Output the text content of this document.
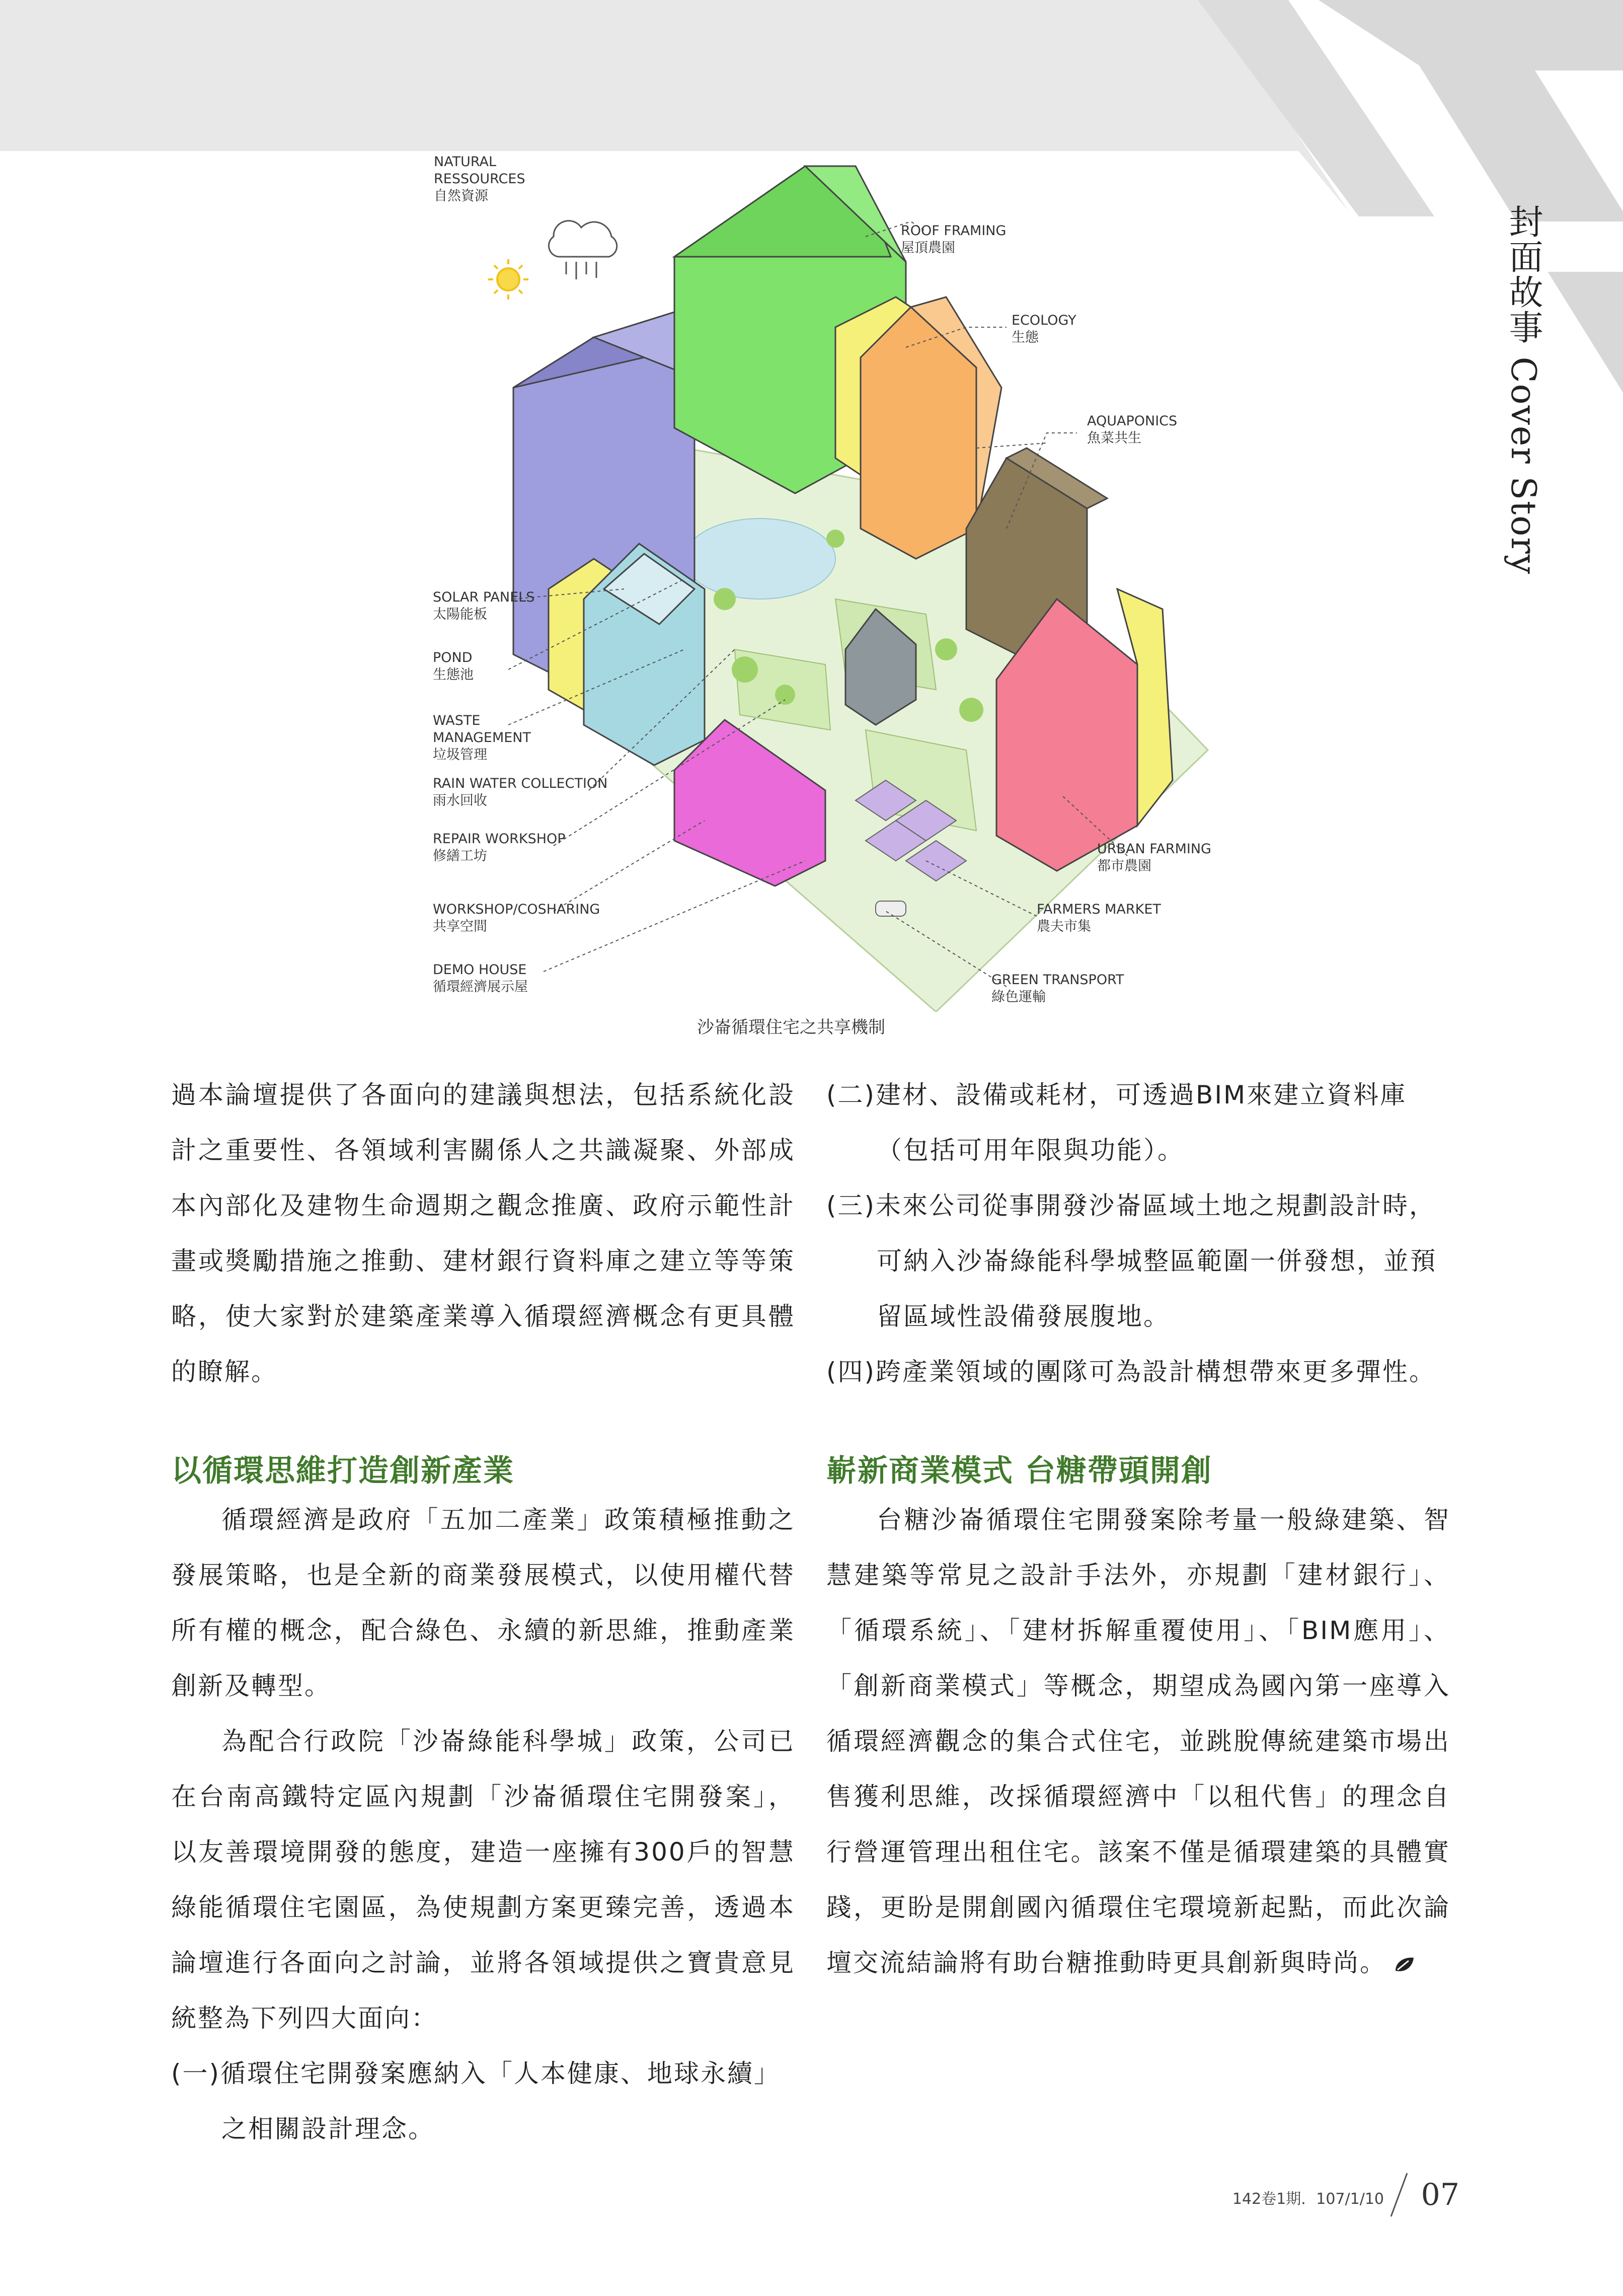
封面故事 Cover Story
NATURAL
RESSOURCES
自然資源
ROOF FRAMING
屋頂農園
ECOLOGY
生態
AQUAPONICS
魚菜共生
SOLAR PANELS
太陽能板
POND
生態池
WASTE
MANAGEMENT
垃圾管理
RAIN WATER COLLECTION
雨水回收
REPAIR WORKSHOP
修繕工坊
WORKSHOP/COSHARING
共享空間
DEMO HOUSE
循環經濟展示屋
URBAN FARMING
都市農園
FARMERS MARKET
農夫市集
GREEN TRANSPORT
綠色運輸
沙崙循環住宅之共享機制

過本論壇提供了各面向的建議與想法，包括系統化設計之重要性、各領域利害關係人之共識凝聚、外部成本內部化及建物生命週期之觀念推廣、政府示範性計畫或獎勵措施之推動、建材銀行資料庫之建立等等策略，使大家對於建築產業導入循環經濟概念有更具體的瞭解。

以循環思維打造創新產業

循環經濟是政府「五加二產業」政策積極推動之發展策略，也是全新的商業發展模式，以使用權代替所有權的概念，配合綠色、永續的新思維，推動產業創新及轉型。

為配合行政院「沙崙綠能科學城」政策，公司已在台南高鐵特定區內規劃「沙崙循環住宅開發案」，以友善環境開發的態度，建造一座擁有300戶的智慧綠能循環住宅園區，為使規劃方案更臻完善，透過本論壇進行各面向之討論，並將各領域提供之寶貴意見統整為下列四大面向：

(一)循環住宅開發案應納入「人本健康、地球永續」之相關設計理念。

(二)建材、設備或耗材，可透過BIM來建立資料庫（包括可用年限與功能）。

(三)未來公司從事開發沙崙區域土地之規劃設計時，可納入沙崙綠能科學城整區範圍一併發想，並預留區域性設備發展腹地。

(四)跨產業領域的團隊可為設計構想帶來更多彈性。

嶄新商業模式 台糖帶頭開創

台糖沙崙循環住宅開發案除考量一般綠建築、智慧建築等常見之設計手法外，亦規劃「建材銀行」、「循環系統」、「建材拆解重覆使用」、「BIM應用」、「創新商業模式」等概念，期望成為國內第一座導入循環經濟觀念的集合式住宅，並跳脫傳統建築市場出售獲利思維，改採循環經濟中「以租代售」的理念自行營運管理出租住宅。該案不僅是循環建築的具體實踐，更盼是開創國內循環住宅環境新起點，而此次論壇交流結論將有助台糖推動時更具創新與時尚。

142卷1期．107/1/10 07
